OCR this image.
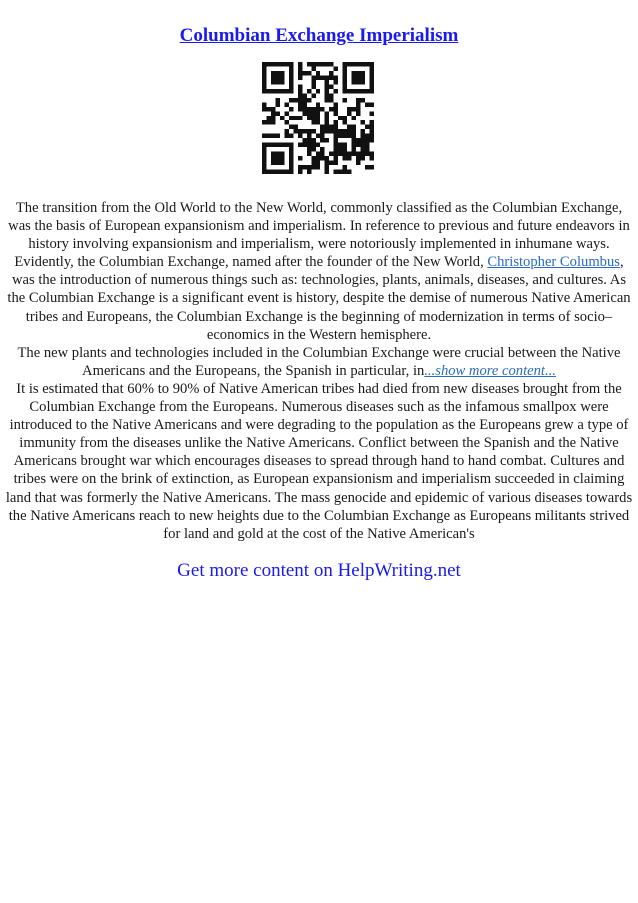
Columbian Exchange Imperialism

The transition from the Old World to the New World, commonly classified as the Columbian Exchange, was the basis of European expansionism and imperialism. In reference to previous and future endeavors in history involving expansionism and imperialism, were notoriously implemented in inhumane ways. Evidently, the Columbian Exchange, named after the founder of the New World, Christopher Columbus, was the introduction of numerous things such as: technologies, plants, animals, diseases, and cultures. As the Columbian Exchange is a significant event is history, despite the demise of numerous Native American tribes and Europeans, the Columbian Exchange is the beginning of modernization in terms of socio–economics in the Western hemisphere.

The new plants and technologies included in the Columbian Exchange were crucial between the Native Americans and the Europeans, the Spanish in particular, in...show more content...

It is estimated that 60% to 90% of Native American tribes had died from new diseases brought from the Columbian Exchange from the Europeans. Numerous diseases such as the infamous smallpox were introduced to the Native Americans and were degrading to the population as the Europeans grew a type of immunity from the diseases unlike the Native Americans. Conflict between the Spanish and the Native Americans brought war which encourages diseases to spread through hand to hand combat. Cultures and tribes were on the brink of extinction, as European expansionism and imperialism succeeded in claiming land that was formerly the Native Americans. The mass genocide and epidemic of various diseases towards the Native Americans reach to new heights due to the Columbian Exchange as Europeans militants strived for land and gold at the cost of the Native American's

Get more content on HelpWriting.net
